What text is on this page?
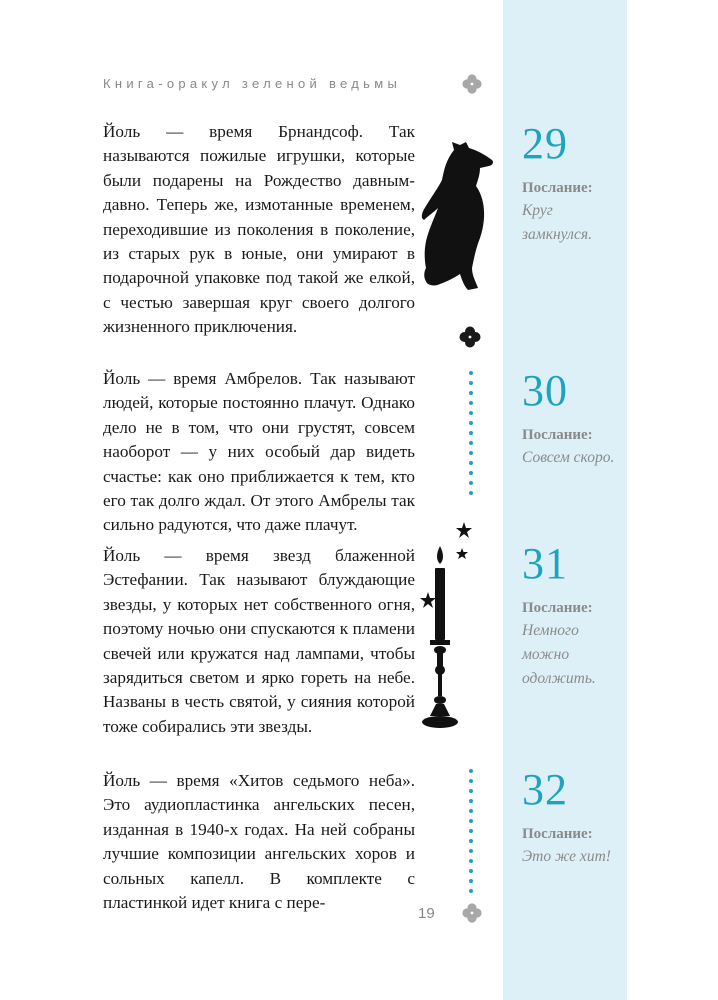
Книга-оракул зеленой ведьмы

Йоль — время Брнандсоф. Так называются пожилые игрушки, которые были подарены на Рождество давным-давно. Теперь же, измотанные временем, переходившие из поколения в поколение, из старых рук в юные, они умирают в подарочной упаковке под такой же елкой, с честью завершая круг своего долгого жизненного приключения.

29
Послание:
Круг замкнулся.

Йоль — время Амбрелов. Так называют людей, которые постоянно плачут. Однако дело не в том, что они грустят, совсем наоборот — у них особый дар видеть счастье: как оно приближается к тем, кто его так долго ждал. От этого Амбрелы так сильно радуются, что даже плачут.

30
Послание:
Совсем скоро.

Йоль — время звезд блаженной Эстефании. Так называют блуждающие звезды, у которых нет собственного огня, поэтому ночью они спускаются к пламени свечей или кружатся над лампами, чтобы зарядиться светом и ярко гореть на небе. Названы в честь святой, у сияния которой тоже собирались эти звезды.

31
Послание:
Немного можно одолжить.

Йоль — время «Хитов седьмого неба». Это аудиопластинка ангельских песен, изданная в 1940-х годах. На ней собраны лучшие композиции ангельских хоров и сольных капелл. В комплекте с пластинкой идет книга с пере-

32
Послание:
Это же хит!
19
